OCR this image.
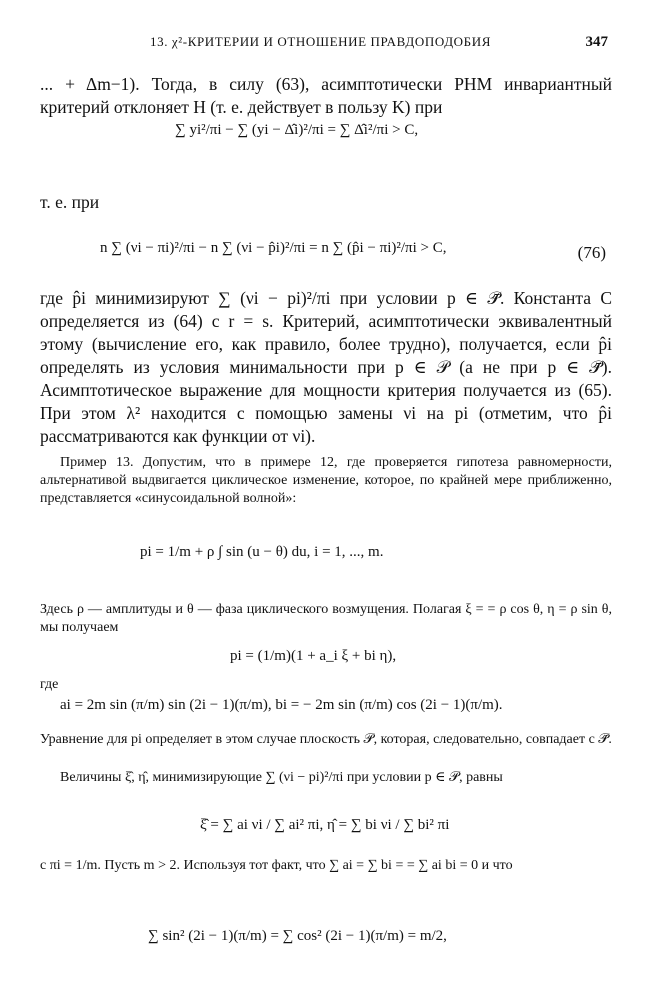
13. χ²-КРИТЕРИИ И ОТНОШЕНИЕ ПРАВДОПОДОБИЯ	347
... + Δm−1). Тогда, в силу (63), асимптотически РНМ инвариантный критерий отклоняет H (т. е. действует в пользу K) при
∑ yi²/πi − ∑ (yi − Δ̂i)²/πi = ∑ Δ̂i²/πi > C,
т. е. при
n ∑ (νi − πi)²/πi − n ∑ (νi − p̂i)²/πi = n ∑ (p̂i − πi)²/πi > C,	(76)
где p̂i минимизируют ∑ (νi − pi)²/πi при условии p ∈ 𝒫̄. Константа C определяется из (64) с r = s. Критерий, асимптотически эквивалентный этому (вычисление его, как правило, более трудно), получается, если p̂i определять из условия минимальности при p ∈ 𝒫 (а не при p ∈ 𝒫̄). Асимптотическое выражение для мощности критерия получается из (65). При этом λ² находится с помощью замены νi на pi (отметим, что p̂i рассматриваются как функции от νi).
Пример 13. Допустим, что в примере 12, где проверяется гипотеза равномерности, альтернативой выдвигается циклическое изменение, которое, по крайней мере приближенно, представляется «синусоидальной волной»:
pi = 1/m + ρ ∫ sin (u − θ) du, i = 1, ..., m.
Здесь ρ — амплитуды и θ — фаза циклического возмущения. Полагая ξ = = ρ cos θ, η = ρ sin θ, мы получаем
pi = (1/m)(1 + a_i ξ + bi η),
где
ai = 2m sin (π/m) sin (2i − 1)(π/m), bi = − 2m sin (π/m) cos (2i − 1)(π/m).
Уравнение для pi определяет в этом случае плоскость 𝒫, которая, следовательно, совпадает с 𝒫̄.
Величины ξ̂, η̂, минимизирующие ∑ (νi − pi)²/πi при условии p ∈ 𝒫, равны
ξ̂ = ∑ ai νi / ∑ ai² πi, η̂ = ∑ bi νi / ∑ bi² πi
с πi = 1/m. Пусть m > 2. Используя тот факт, что ∑ ai = ∑ bi = = ∑ ai bi = 0 и что
∑ sin² (2i − 1)(π/m) = ∑ cos² (2i − 1)(π/m) = m/2,
